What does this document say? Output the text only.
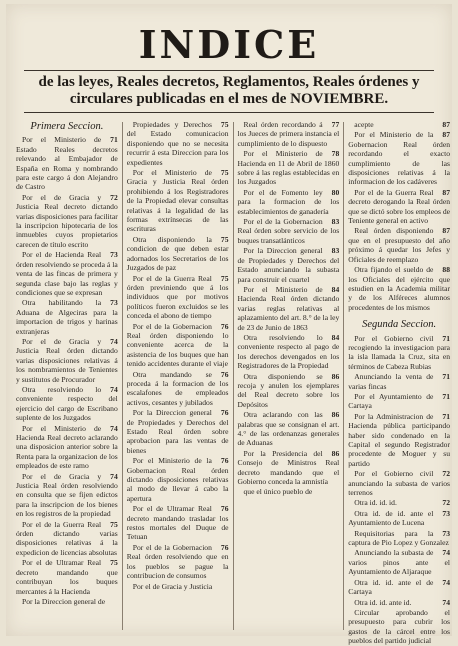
INDICE
de las leyes, Reales decretos, Reglamentos, Reales órdenes y circulares publicadas en el mes de NOVIEMBRE.
Primera Seccion.

71
Por el Ministerio de Estado Reales decretos relevando al Embajador de España en Roma y nombrando para este cargo á don Alejandro de Castro

72
Por el de Gracia y Justicia Real decreto dictando varias disposiciones para facilitar la inscripcion hipotecaria de los inmuebles cuyos propietarios carecen de título escrito

73
Por el de Hacienda Real órden resolviendo se proceda á la venta de las fincas de primera y segunda clase bajo las reglas y condiciones que se expresan

73
Otra habilitando la Aduana de Algeciras para la importacion de trigos y harinas extranjeras

74
Por el de Gracia y Justicia Real órden dictando varias disposiciones relativas á los nombramientos de Tenientes y sustitutos de Procurador

74
Otra resolviendo lo conveniente respecto del ejercicio del cargo de Escribano suplente de los Juzgados

74
Por el Ministerio de Hacienda Real decreto aclarando una disposicion anterior sobre la Renta para la organizacion de los empleados de este ramo

74
Por el de Gracia y Justicia Real órden resolviendo en consulta que se fijen edictos para la inscripcion de los bienes en los registros de la propiedad

75
Por el de la Guerra Real órden dictando varias disposiciones relativas á la expedicion de licencias absolutas

75
Por el de Ultramar Real decreto mandando que contribuyan los buques mercantes á la Hacienda

Por la Direccion general de

75
Propiedades y Derechos del Estado comunicacion disponiendo que no se necesita recurrir á esta Direccion para los expedientes

75
Por el Ministerio de Gracia y Justicia Real órden prohibiendo á los Registradores de la Propiedad elevar consultas relativas á la legalidad de las formas extrínsecas de las escrituras

75
Otra disponiendo la condicion de que deben estar adornados los Secretarios de los Juzgados de paz

75
Por el de la Guerra Real órden previniendo que á los individuos que por motivos políticos fueron excluidos se les conceda el abono de tiempo

76
Por el de la Gobernacion Real órden disponiendo lo conveniente acerca de la asistencia de los buques que han tenido accidentes durante el viaje

76
Otra mandando se proceda á la formacion de los escalafones de empleados activos, cesantes y jubilados

76
Por la Direccion general de Propiedades y Derechos del Estado Real órden sobre aprobacion para las ventas de bienes

76
Por el Ministerio de la Gobernacion Real órden dictando disposiciones relativas al modo de llevar á cabo la apertura

76
Por el de Ultramar Real decreto mandando trasladar los restos mortales del Duque de Tetuan

76
Por el de la Gobernacion Real órden resolviendo que en los pueblos se pague la contribucion de consumos

Por el de Gracia y Justicia

77
Real órden recordando á los Jueces de primera instancia el cumplimiento de lo dispuesto

78
Por el Ministerio de Hacienda en 11 de Abril de 1860 sobre á las reglas establecidas en los Juzgados

80
Por el de Fomento ley para la formacion de los establecimientos de ganadería

83
Por el de la Gobernacion Real órden sobre servicio de los buques transatlánticos

83
Por la Direccion general de Propiedades y Derechos del Estado anunciando la subasta para construir el cuartel

84
Por el Ministerio de Hacienda Real órden dictando varias reglas relativas al aplazamiento del art. 8.° de la ley de 23 de Junio de 1863

84
Otra resolviendo lo conveniente respecto al pago de los derechos devengados en los Registradores de la Propiedad

86
Otra disponiendo se recoja y anulen los ejemplares del Real decreto sobre los Depósitos

86
Otra aclarando con las palabras que se consignan el art. 4.° de las ordenanzas generales de Aduanas

86
Por la Presidencia del Consejo de Ministros Real decreto mandando que el Gobierno conceda la amnistía

que el único pueblo de

87
acepte

87
Por el Ministerio de la Gobernacion Real órden recordando el exacto cumplimiento de las disposiciones relativas á la informacion de los cadáveres

87
Por el de la Guerra Real decreto derogando la Real órden que se dictó sobre los empleos de Teniente general en activo

87
Real órden disponiendo que en el presupuesto del año próximo á quedar los Jefes y Oficiales de reemplazo

88
Otra fijando el sueldo de los Oficiales del ejército que estudien en la Academia militar y de los Alféreces alumnos procedentes de los mismos

Segunda Seccion.

71
Por el Gobierno civil recogiendo la investigacion para la isla llamada la Cruz, sita en términos de Cabeza Rubias

71
Anunciando la venta de varias fincas

71
Por el Ayuntamiento de Cartaya

71
Por la Administracion de Hacienda pública participando haber sido condenado en la Capital el segundo Registrador procedente de Moguer y su partido

72
Por el Gobierno civil anunciando la subasta de varios terrenos

72
Otra id. id. id.

73
Otra id. de id. ante el Ayuntamiento de Lucena

73
Requisitorias para la captura de Pio Lopez y Gonzalez

74
Anunciando la subasta de varios pinos ante el Ayuntamiento de Aljaraque

74
Otra id. id. ante el de Cartaya

74
Otra id. id. ante id.

Circular aprobando el presupuesto para cubrir los gastos de la cárcel entre los pueblos del partido judicial
